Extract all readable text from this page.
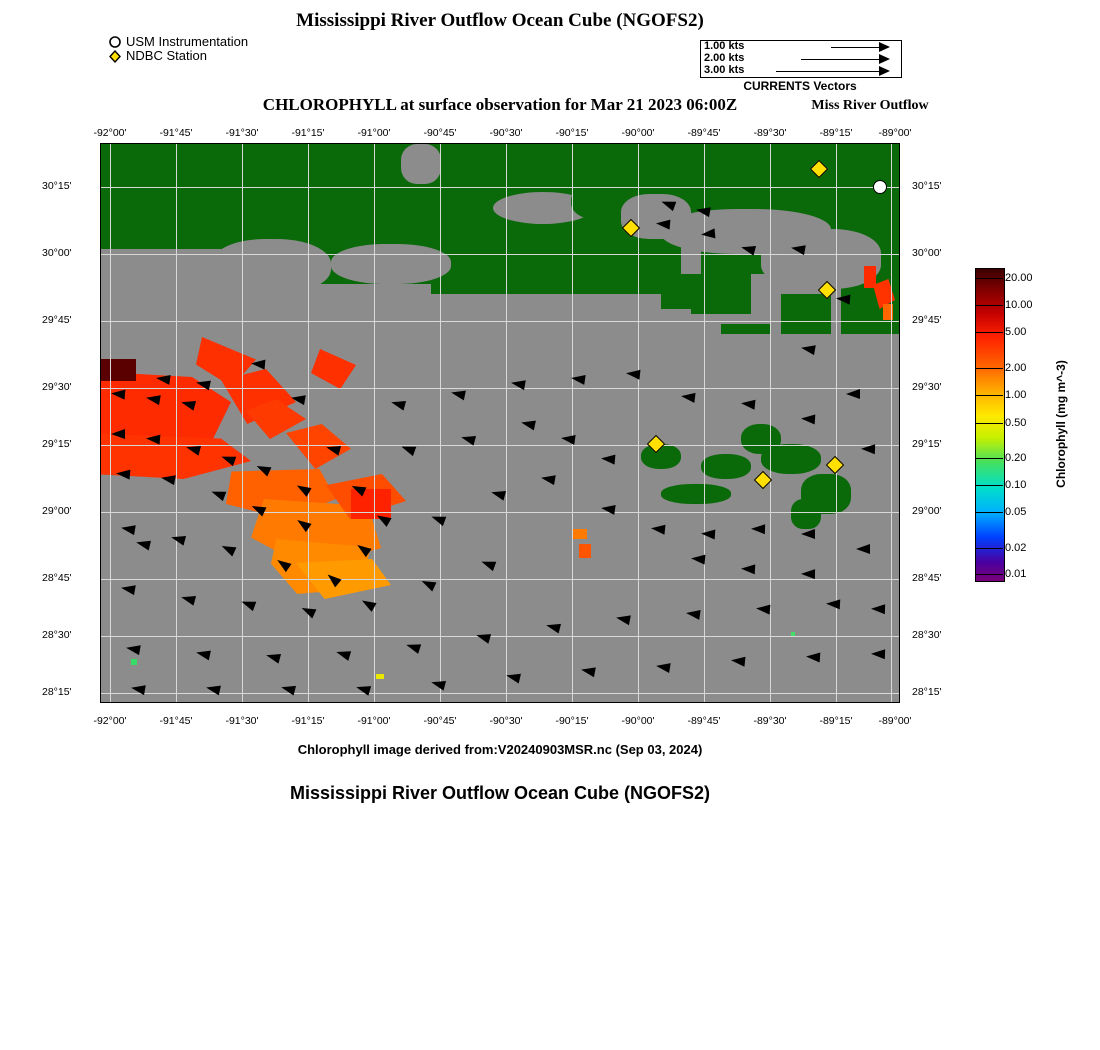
Mississippi River Outflow Ocean Cube (NGOFS2)
USM Instrumentation
NDBC Station
1.00 kts
2.00 kts
3.00 kts
CURRENTS Vectors
Miss River Outflow
CHLOROPHYLL at surface observation for Mar 21 2023 06:00Z
-92°00'	-91°45'	-91°30'	-91°15'	-91°00'	-90°45'	-90°30'	-90°15'	-90°00'	-89°45'	-89°30'	-89°15' -89°00'
-92°00'	-91°45'	-91°30'	-91°15'	-91°00'	-90°45'	-90°30'	-90°15'	-90°00'	-89°45'	-89°30'	-89°15' -89°00'
30°15'
30°00'
29°45'
29°30'
29°15'
29°00'
28°45'
28°30'
28°15'
30°15'
30°00'
29°45'
29°30'
29°15'
29°00'
28°45'
28°30'
28°15'
Chlorophyll image derived from:V20240903MSR.nc (Sep 03, 2024)
20.00
10.00
5.00
2.00
1.00
0.50
0.20
0.10
0.05
0.02
0.01
Chlorophyll (mg m^-3)
Mississippi River Outflow Ocean Cube (NGOFS2)
